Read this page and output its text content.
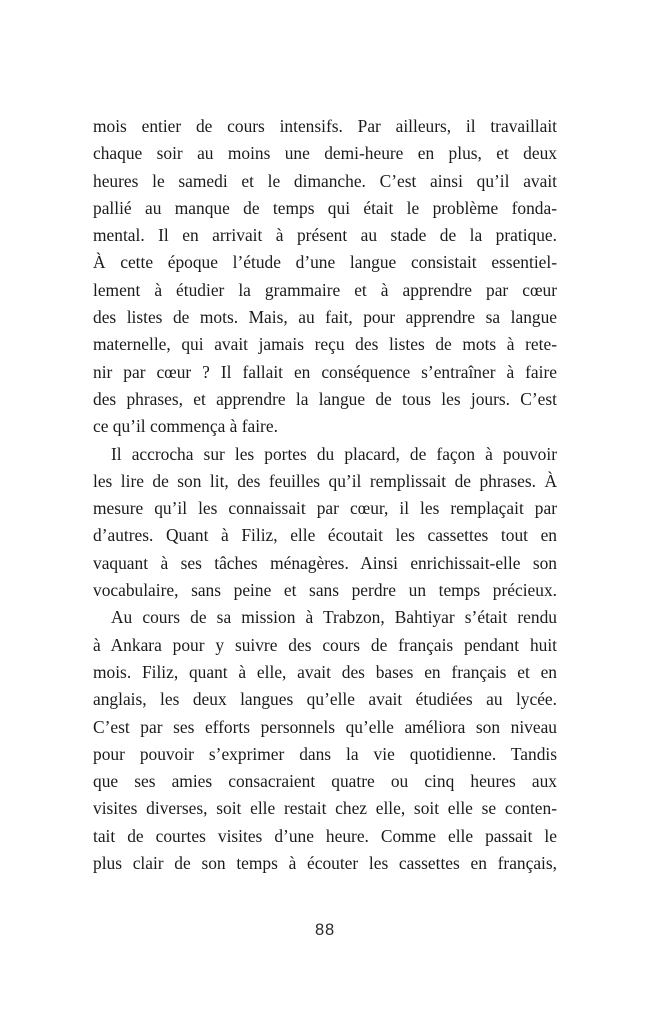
mois entier de cours intensifs. Par ailleurs, il travaillait
chaque soir au moins une demi-heure en plus, et deux
heures le samedi et le dimanche. C’est ainsi qu’il avait
pallié au manque de temps qui était le problème fonda-
mental. Il en arrivait à présent au stade de la pratique.
À cette époque l’étude d’une langue consistait essentiel-
lement à étudier la grammaire et à apprendre par cœur
des listes de mots. Mais, au fait, pour apprendre sa langue
maternelle, qui avait jamais reçu des listes de mots à rete-
nir par cœur ? Il fallait en conséquence s’entraîner à faire
des phrases, et apprendre la langue de tous les jours. C’est
ce qu’il commença à faire.
Il accrocha sur les portes du placard, de façon à pouvoir
les lire de son lit, des feuilles qu’il remplissait de phrases. À
mesure qu’il les connaissait par cœur, il les remplaçait par
d’autres. Quant à Filiz, elle écoutait les cassettes tout en
vaquant à ses tâches ménagères. Ainsi enrichissait-elle son
vocabulaire, sans peine et sans perdre un temps précieux.
Au cours de sa mission à Trabzon, Bahtiyar s’était rendu
à Ankara pour y suivre des cours de français pendant huit
mois. Filiz, quant à elle, avait des bases en français et en
anglais, les deux langues qu’elle avait étudiées au lycée.
C’est par ses efforts personnels qu’elle améliora son niveau
pour pouvoir s’exprimer dans la vie quotidienne. Tandis
que ses amies consacraient quatre ou cinq heures aux
visites diverses, soit elle restait chez elle, soit elle se conten-
tait de courtes visites d’une heure. Comme elle passait le
plus clair de son temps à écouter les cassettes en français,
88
